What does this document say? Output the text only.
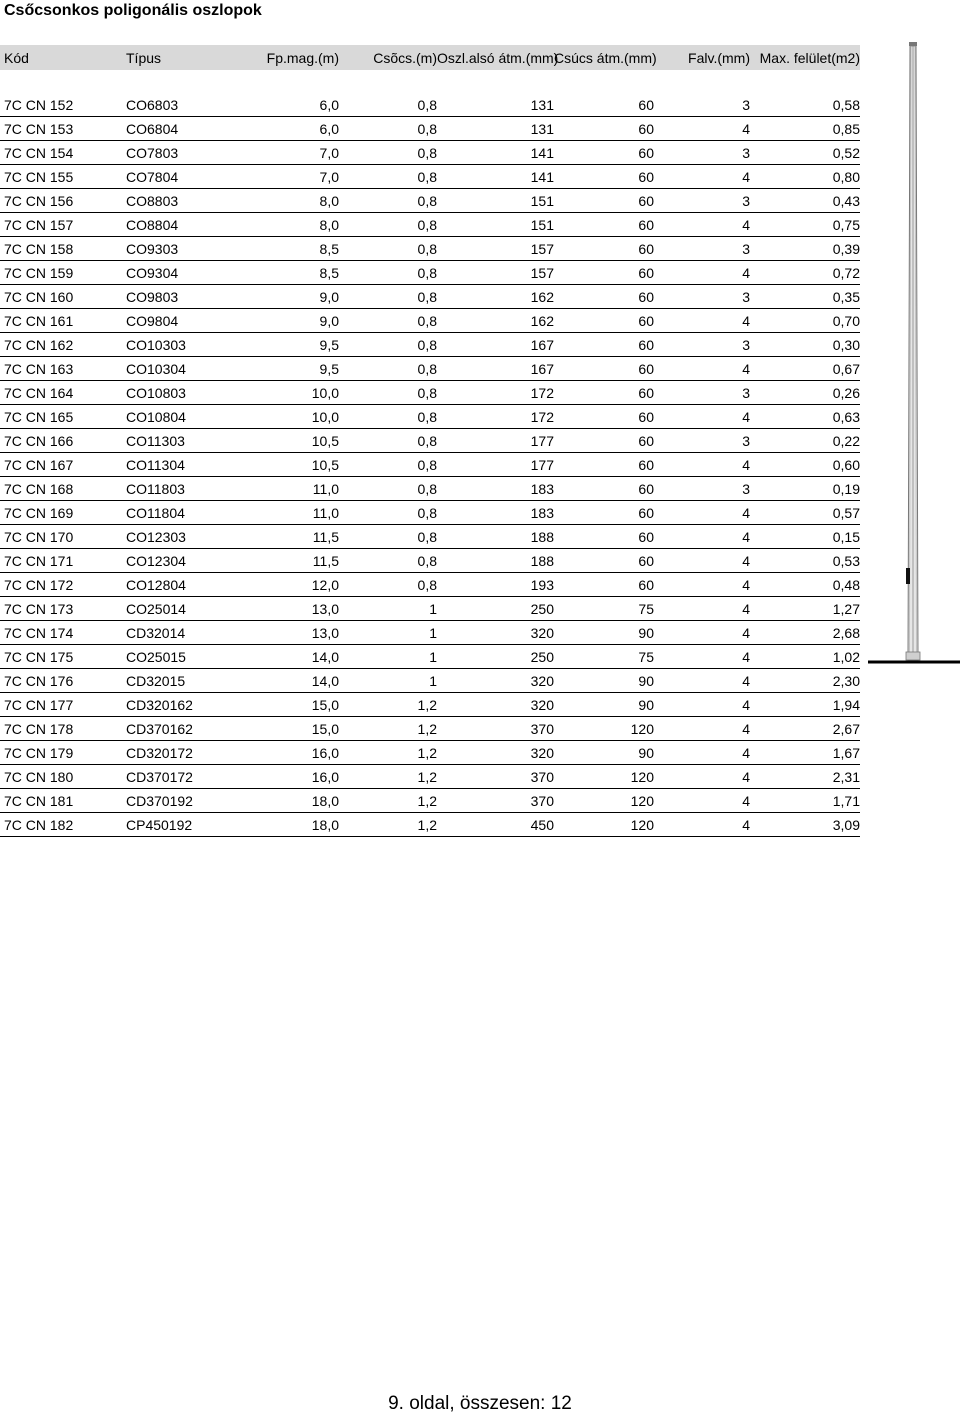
Csőcsonkos poligonális oszlopok
Kód	Típus	Fp.mag.(m)	Csõcs.(m)	Oszl.alsó átm.(mm)	Csúcs átm.(mm)	Falv.(mm)	Max. felület(m2)

7C CN 152	CO6803	6,0	0,8	131	60	3	0,58
7C CN 153	CO6804	6,0	0,8	131	60	4	0,85
7C CN 154	CO7803	7,0	0,8	141	60	3	0,52
7C CN 155	CO7804	7,0	0,8	141	60	4	0,80
7C CN 156	CO8803	8,0	0,8	151	60	3	0,43
7C CN 157	CO8804	8,0	0,8	151	60	4	0,75
7C CN 158	CO9303	8,5	0,8	157	60	3	0,39
7C CN 159	CO9304	8,5	0,8	157	60	4	0,72
7C CN 160	CO9803	9,0	0,8	162	60	3	0,35
7C CN 161	CO9804	9,0	0,8	162	60	4	0,70
7C CN 162	CO10303	9,5	0,8	167	60	3	0,30
7C CN 163	CO10304	9,5	0,8	167	60	4	0,67
7C CN 164	CO10803	10,0	0,8	172	60	3	0,26
7C CN 165	CO10804	10,0	0,8	172	60	4	0,63
7C CN 166	CO11303	10,5	0,8	177	60	3	0,22
7C CN 167	CO11304	10,5	0,8	177	60	4	0,60
7C CN 168	CO11803	11,0	0,8	183	60	3	0,19
7C CN 169	CO11804	11,0	0,8	183	60	4	0,57
7C CN 170	CO12303	11,5	0,8	188	60	4	0,15
7C CN 171	CO12304	11,5	0,8	188	60	4	0,53
7C CN 172	CO12804	12,0	0,8	193	60	4	0,48
7C CN 173	CO25014	13,0	1	250	75	4	1,27
7C CN 174	CD32014	13,0	1	320	90	4	2,68
7C CN 175	CO25015	14,0	1	250	75	4	1,02
7C CN 176	CD32015	14,0	1	320	90	4	2,30
7C CN 177	CD320162	15,0	1,2	320	90	4	1,94
7C CN 178	CD370162	15,0	1,2	370	120	4	2,67
7C CN 179	CD320172	16,0	1,2	320	90	4	1,67
7C CN 180	CD370172	16,0	1,2	370	120	4	2,31
7C CN 181	CD370192	18,0	1,2	370	120	4	1,71
7C CN 182	CP450192	18,0	1,2	450	120	4	3,09
9. oldal, összesen: 12
